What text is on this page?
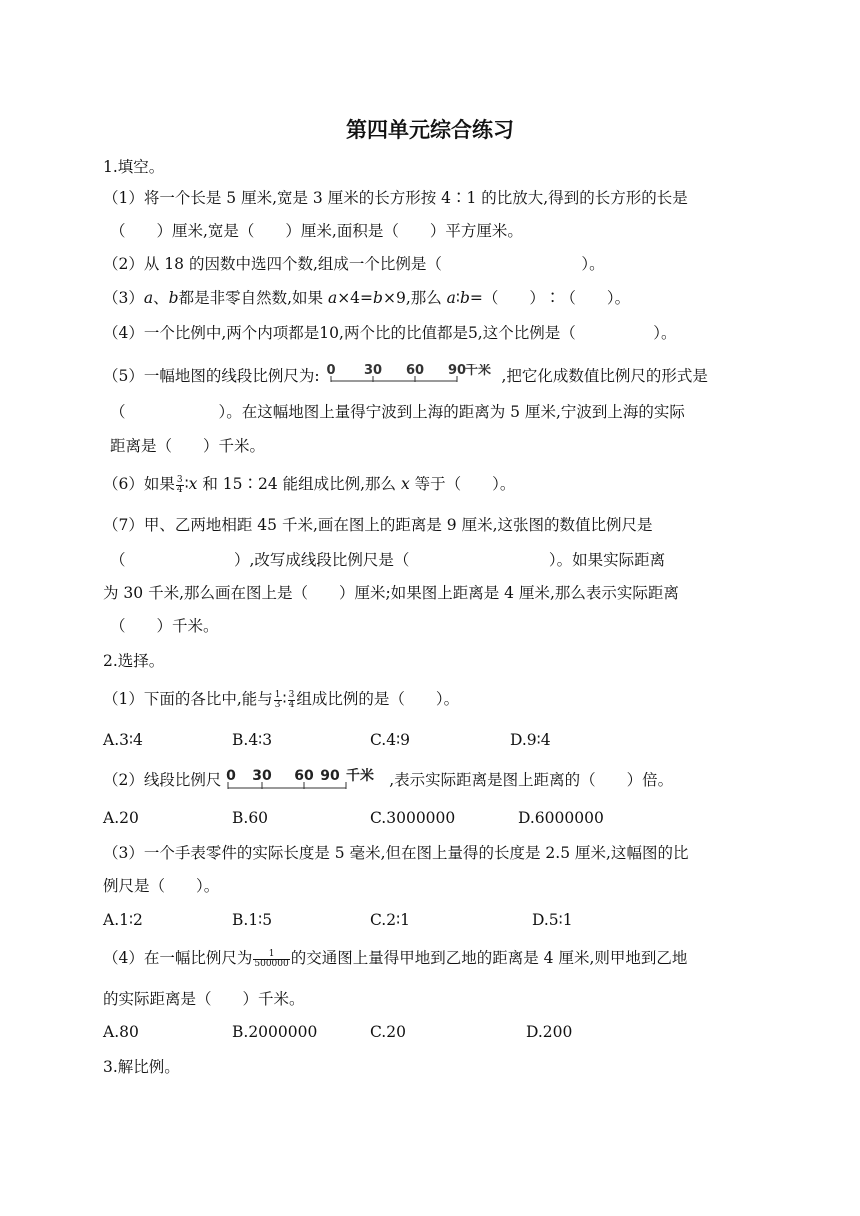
第四单元综合练习
1.填空。
（1）将一个长是 5 厘米,宽是 3 厘米的长方形按 4∶1 的比放大,得到的长方形的长是
（　　）厘米,宽是（　　）厘米,面积是（　　）平方厘米。
（2）从 18 的因数中选四个数,组成一个比例是（　　　　　　　　　）。
（3）a、b都是非零自然数,如果 a×4=b×9,那么 a∶b=（　　）∶（　　）。
（4）一个比例中,两个内项都是10,两个比的比值都是5,这个比例是（　　　　　）。
（5）一幅地图的线段比例尺为: 0 30 60 90
千米 ,把它化成数值比例尺的形式是
（　　　　　　）。在这幅地图上量得宁波到上海的距离为 5 厘米,宁波到上海的实际
距离是（　　）千米。
（6）如果 $\frac{3}{4}$ ∶x 和 15∶24 能组成比例,那么 x 等于（　　）。
（7）甲、乙两地相距 45 千米,画在图上的距离是 9 厘米,这张图的数值比例尺是
（　　　　　　　）,改写成线段比例尺是（　　　　　　　　　）。如果实际距离
为 30 千米,那么画在图上是（　　）厘米;如果图上距离是 4 厘米,那么表示实际距离
（　　）千米。
2.选择。
（1）下面的各比中,能与 $\frac{1}{3}$ ∶ $\frac{3}{4}$ 组成比例的是（　　）。
A.3∶4	B.4∶3	C.4∶9	D.9∶4
（2）线段比例尺 0 30 60 90 千米 ,表示实际距离是图上距离的（　　）倍。
A.20	B.60	C.3000000	D.6000000
（3）一个手表零件的实际长度是 5 毫米,但在图上量得的长度是 2.5 厘米,这幅图的比
例尺是（　　）。
A.1∶2	B.1∶5	C.2∶1	D.5∶1
（4）在一幅比例尺为 $\frac{1}{500000}$ 的交通图上量得甲地到乙地的距离是 4 厘米,则甲地到乙地
的实际距离是（　　）千米。
A.80	B.2000000	C.20	D.200
3.解比例。
